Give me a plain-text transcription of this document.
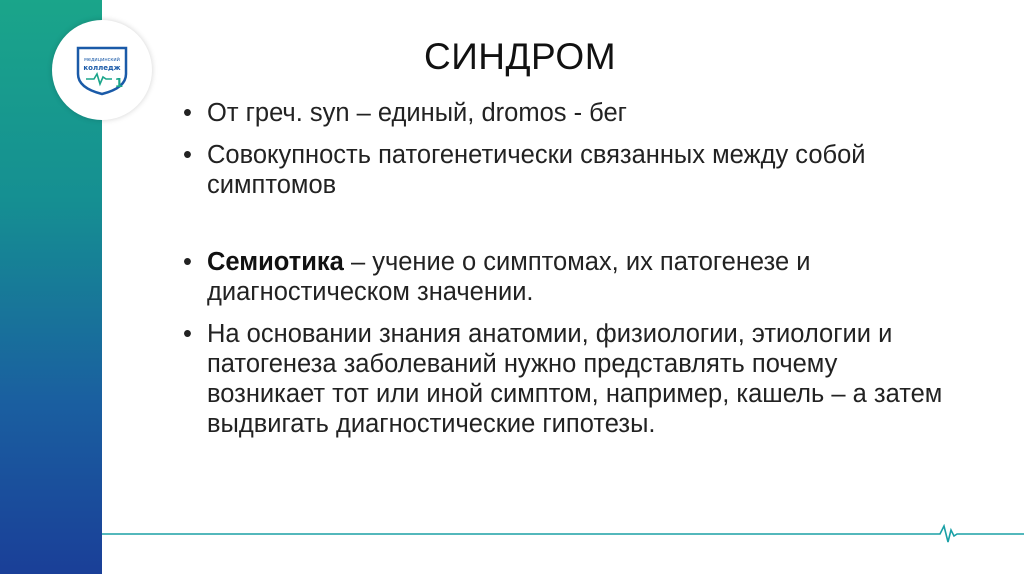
медицинский
колледж
1
СИНДРОМ
• От греч. syn – единый, dromos - бег
• Совокупность патогенетически связанных между собой симптомов
• Семиотика – учение о симптомах, их патогенезе и диагностическом значении.
• На основании знания анатомии, физиологии, этиологии и патогенеза заболеваний нужно представлять почему возникает тот или иной симптом, например, кашель – а затем выдвигать диагностические гипотезы.
